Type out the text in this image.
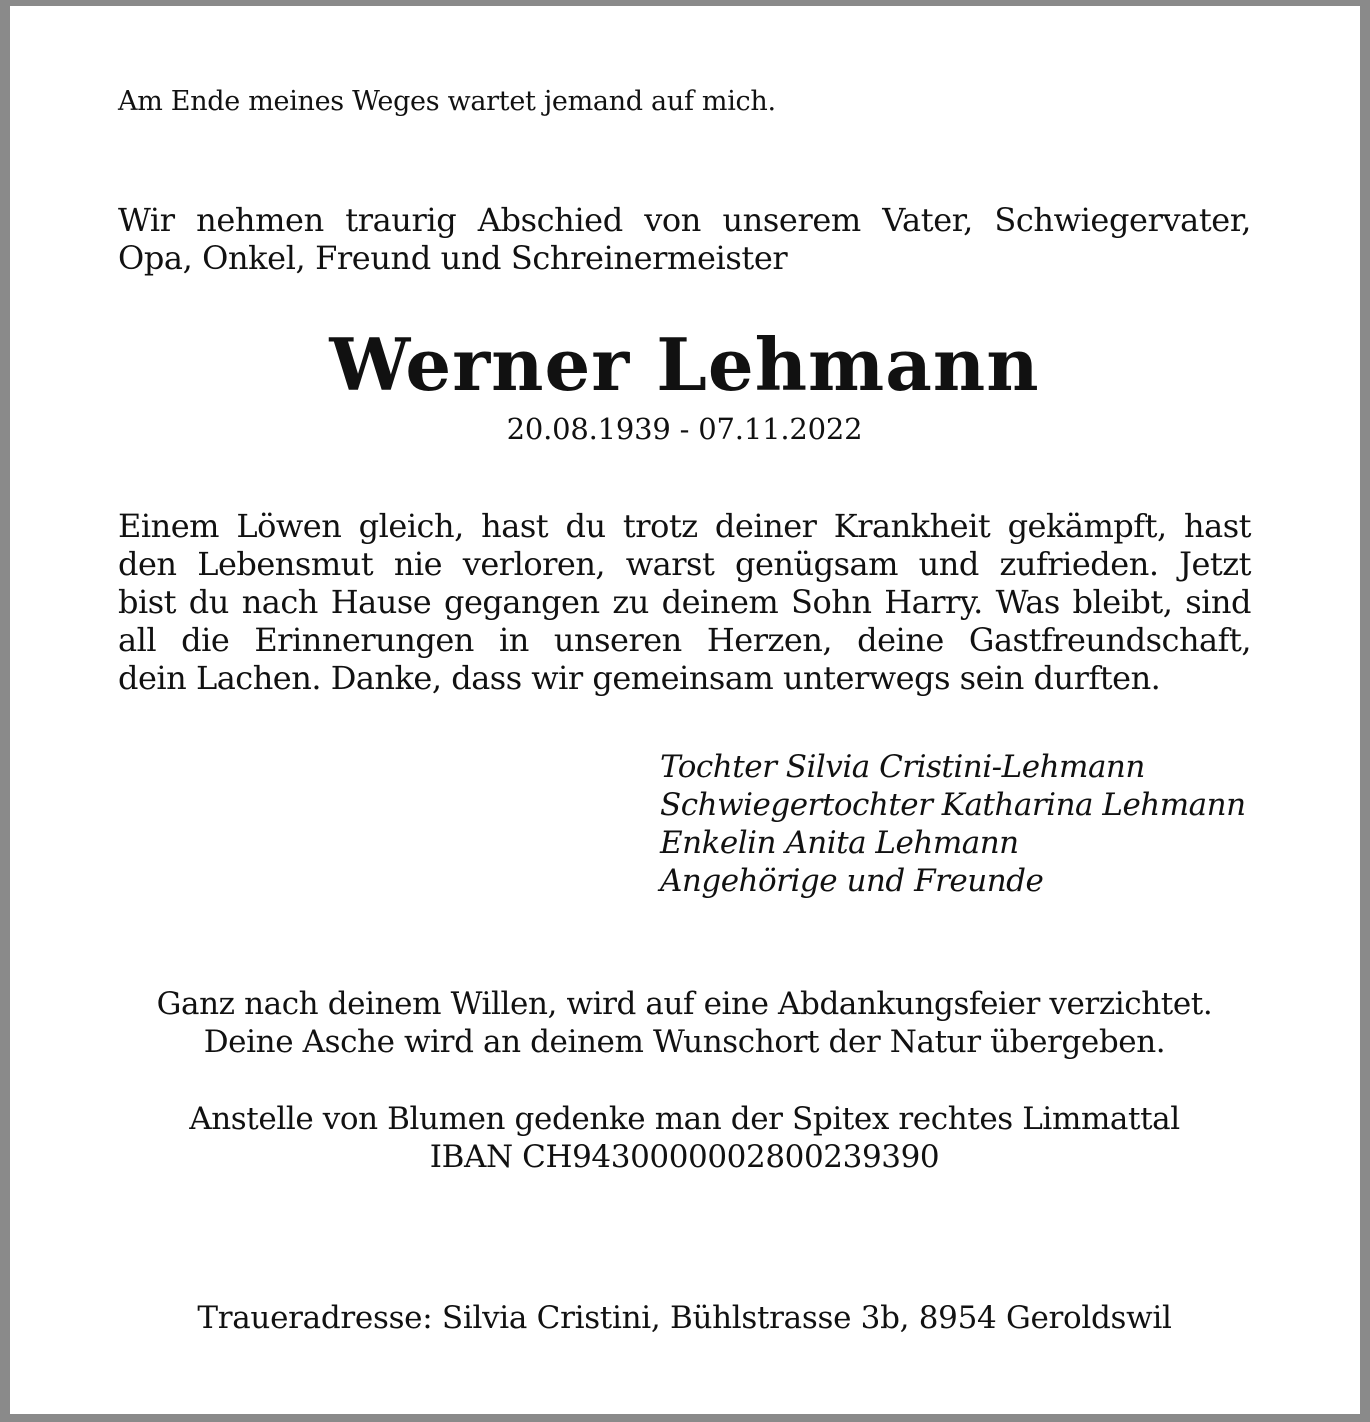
Am Ende meines Weges wartet jemand auf mich.
Wir nehmen traurig Abschied von unserem Vater, Schwiegervater,
Opa, Onkel, Freund und Schreinermeister
Werner Lehmann
20.08.1939 - 07.11.2022
Einem Löwen gleich, hast du trotz deiner Krankheit gekämpft, hast
den Lebensmut nie verloren, warst genügsam und zufrieden. Jetzt
bist du nach Hause gegangen zu deinem Sohn Harry. Was bleibt, sind
all die Erinnerungen in unseren Herzen, deine Gastfreundschaft,
dein Lachen. Danke, dass wir gemeinsam unterwegs sein durften.
Tochter Silvia Cristini-Lehmann
Schwiegertochter Katharina Lehmann
Enkelin Anita Lehmann
Angehörige und Freunde
Ganz nach deinem Willen, wird auf eine Abdankungsfeier verzichtet.
Deine Asche wird an deinem Wunschort der Natur übergeben.
Anstelle von Blumen gedenke man der Spitex rechtes Limmattal
IBAN CH9430000002800239390
Traueradresse: Silvia Cristini, Bühlstrasse 3b, 8954 Geroldswil
